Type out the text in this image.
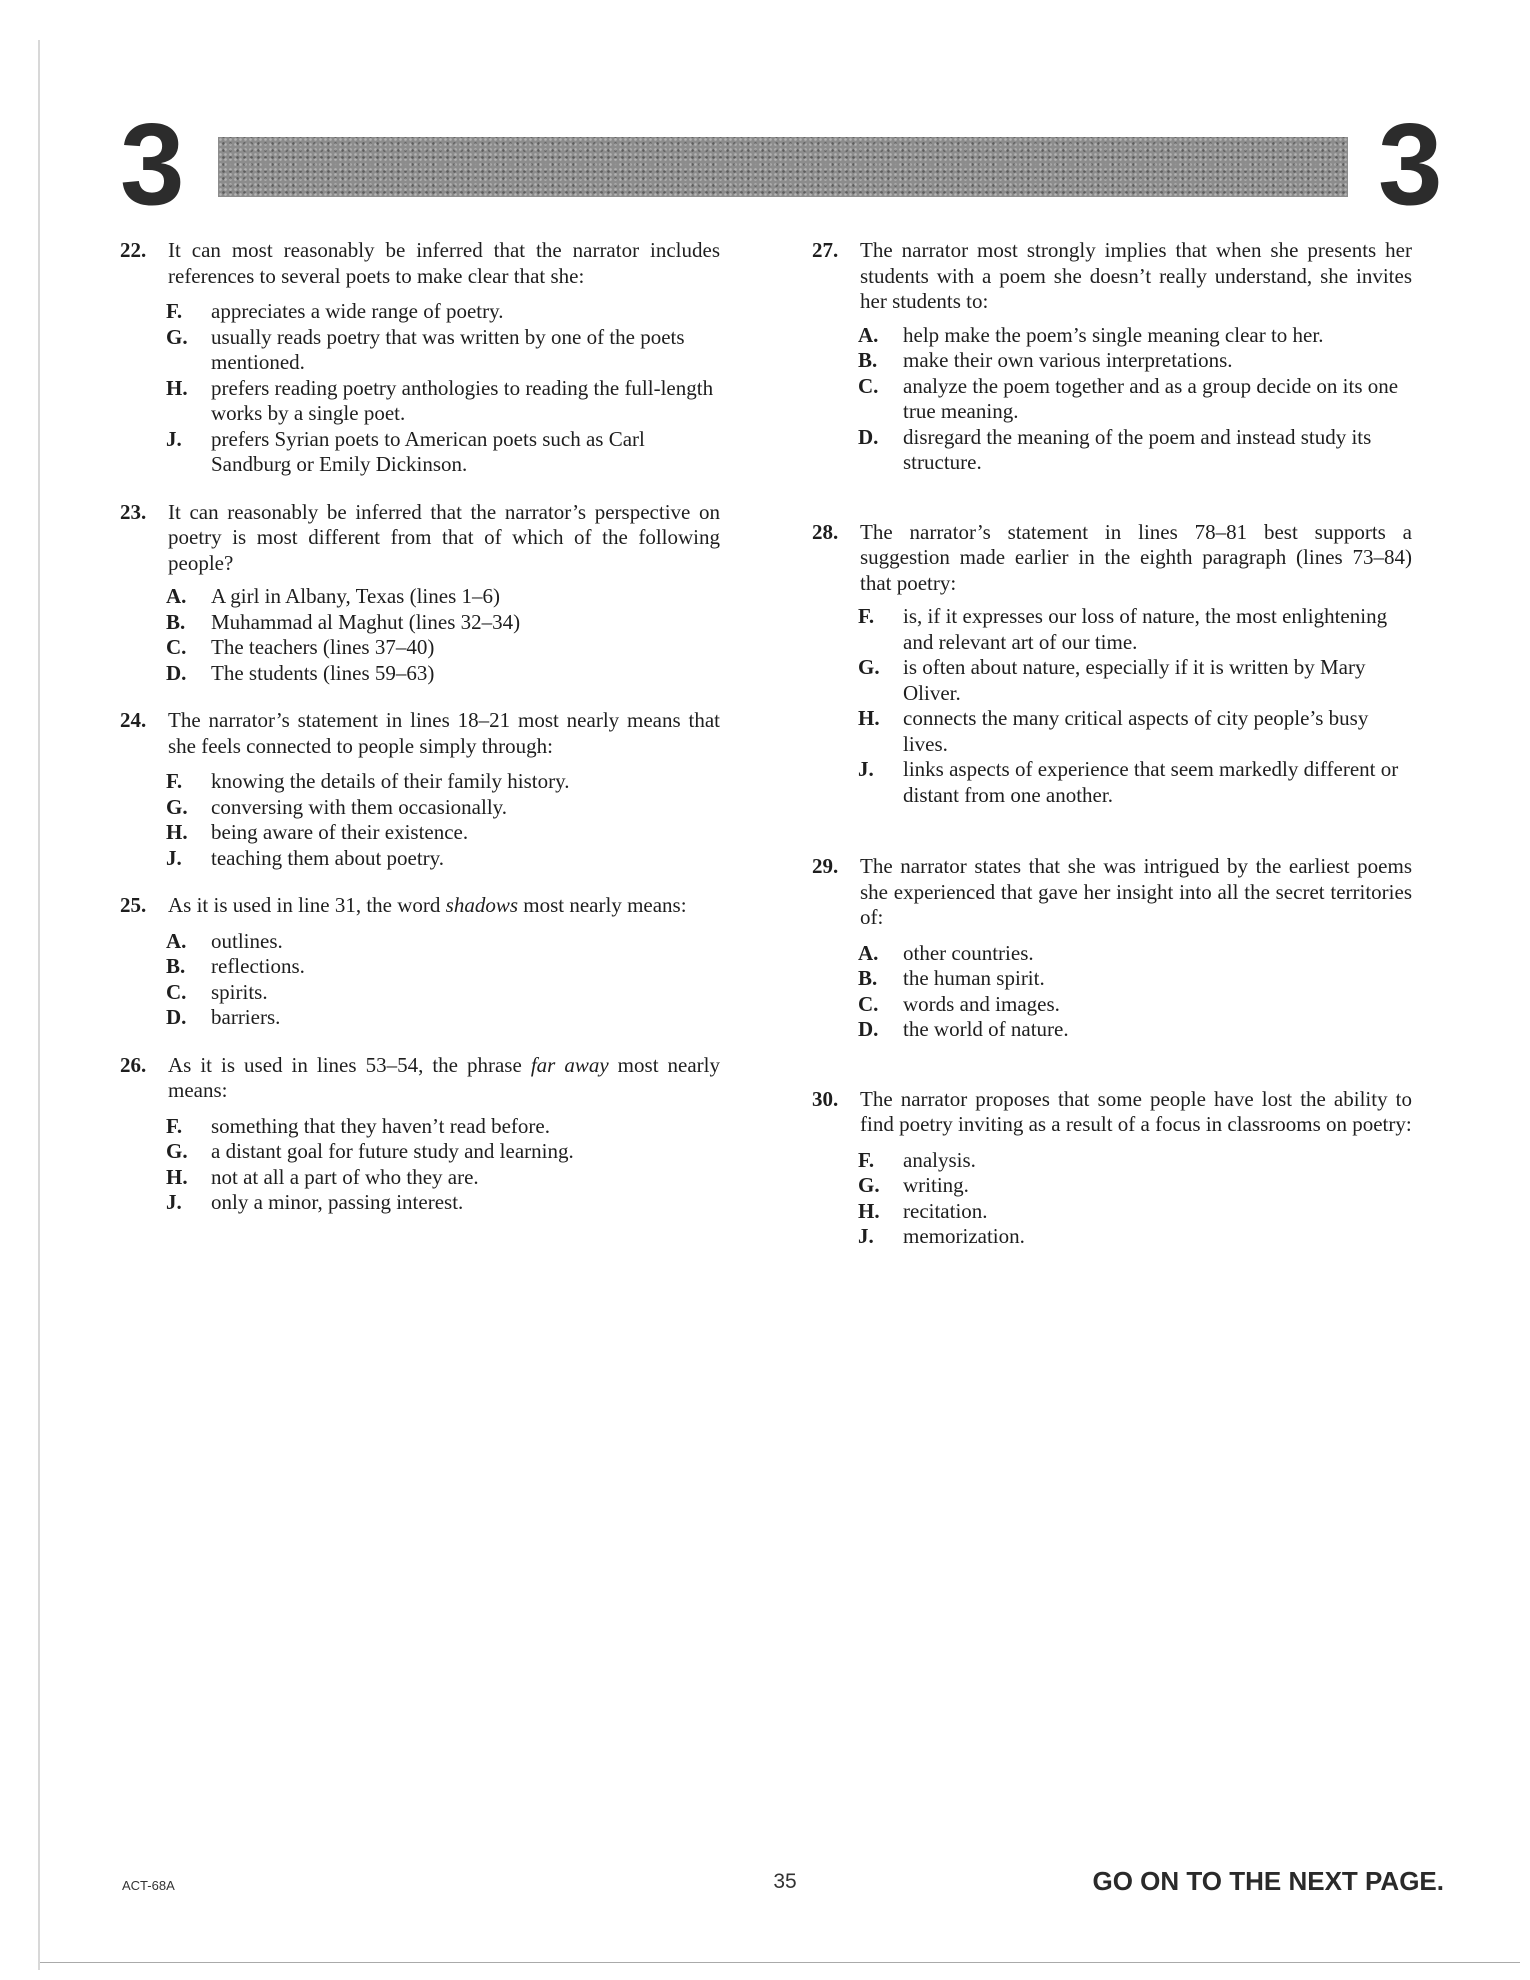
3	3
22.	It can most reasonably be inferred that the narrator includes references to several poets to make clear that she:
F.	appreciates a wide range of poetry.
G.	usually reads poetry that was written by one of the poets mentioned.
H.	prefers reading poetry anthologies to reading the full-length works by a single poet.
J.	prefers Syrian poets to American poets such as Carl Sandburg or Emily Dickinson.
23.	It can reasonably be inferred that the narrator’s perspective on poetry is most different from that of which of the following people?
A.	A girl in Albany, Texas (lines 1–6)
B.	Muhammad al Maghut (lines 32–34)
C.	The teachers (lines 37–40)
D.	The students (lines 59–63)
24.	The narrator’s statement in lines 18–21 most nearly means that she feels connected to people simply through:
F.	knowing the details of their family history.
G.	conversing with them occasionally.
H.	being aware of their existence.
J.	teaching them about poetry.
25.	As it is used in line 31, the word shadows most nearly means:
A.	outlines.
B.	reflections.
C.	spirits.
D.	barriers.
26.	As it is used in lines 53–54, the phrase far away most nearly means:
F.	something that they haven’t read before.
G.	a distant goal for future study and learning.
H.	not at all a part of who they are.
J.	only a minor, passing interest.
27.	The narrator most strongly implies that when she presents her students with a poem she doesn’t really understand, she invites her students to:
A.	help make the poem’s single meaning clear to her.
B.	make their own various interpretations.
C.	analyze the poem together and as a group decide on its one true meaning.
D.	disregard the meaning of the poem and instead study its structure.
28.	The narrator’s statement in lines 78–81 best supports a suggestion made earlier in the eighth paragraph (lines 73–84) that poetry:
F.	is, if it expresses our loss of nature, the most enlightening and relevant art of our time.
G.	is often about nature, especially if it is written by Mary Oliver.
H.	connects the many critical aspects of city people’s busy lives.
J.	links aspects of experience that seem markedly different or distant from one another.
29.	The narrator states that she was intrigued by the earliest poems she experienced that gave her insight into all the secret territories of:
A.	other countries.
B.	the human spirit.
C.	words and images.
D.	the world of nature.
30.	The narrator proposes that some people have lost the ability to find poetry inviting as a result of a focus in classrooms on poetry:
F.	analysis.
G.	writing.
H.	recitation.
J.	memorization.
ACT-68A	35	GO ON TO THE NEXT PAGE.
